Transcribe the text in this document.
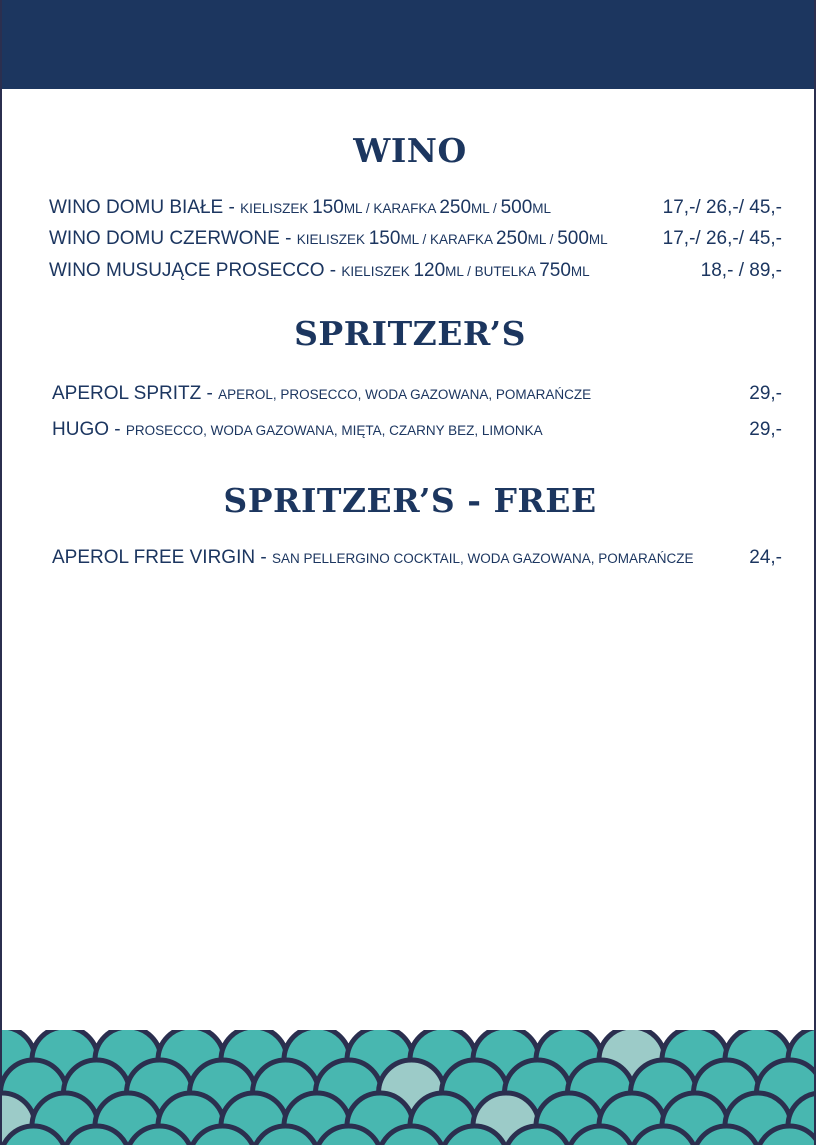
WINO
WINO DOMU BIAŁE - KIELISZEK 150ML / KARAFKA 250ML / 500ML	17,-/ 26,-/ 45,-
WINO DOMU CZERWONE - KIELISZEK 150ML / KARAFKA 250ML / 500ML	17,-/ 26,-/ 45,-
WINO MUSUJĄCE PROSECCO - KIELISZEK 120ML / BUTELKA 750ML	18,- / 89,-
SPRITZER’S
APEROL SPRITZ - APEROL, PROSECCO, WODA GAZOWANA, POMARAŃCZE	29,-
HUGO - PROSECCO, WODA GAZOWANA, MIĘTA, CZARNY BEZ, LIMONKA	29,-
SPRITZER’S - FREE
APEROL FREE VIRGIN - SAN PELLERGINO COCKTAIL, WODA GAZOWANA, POMARAŃCZE	24,-
